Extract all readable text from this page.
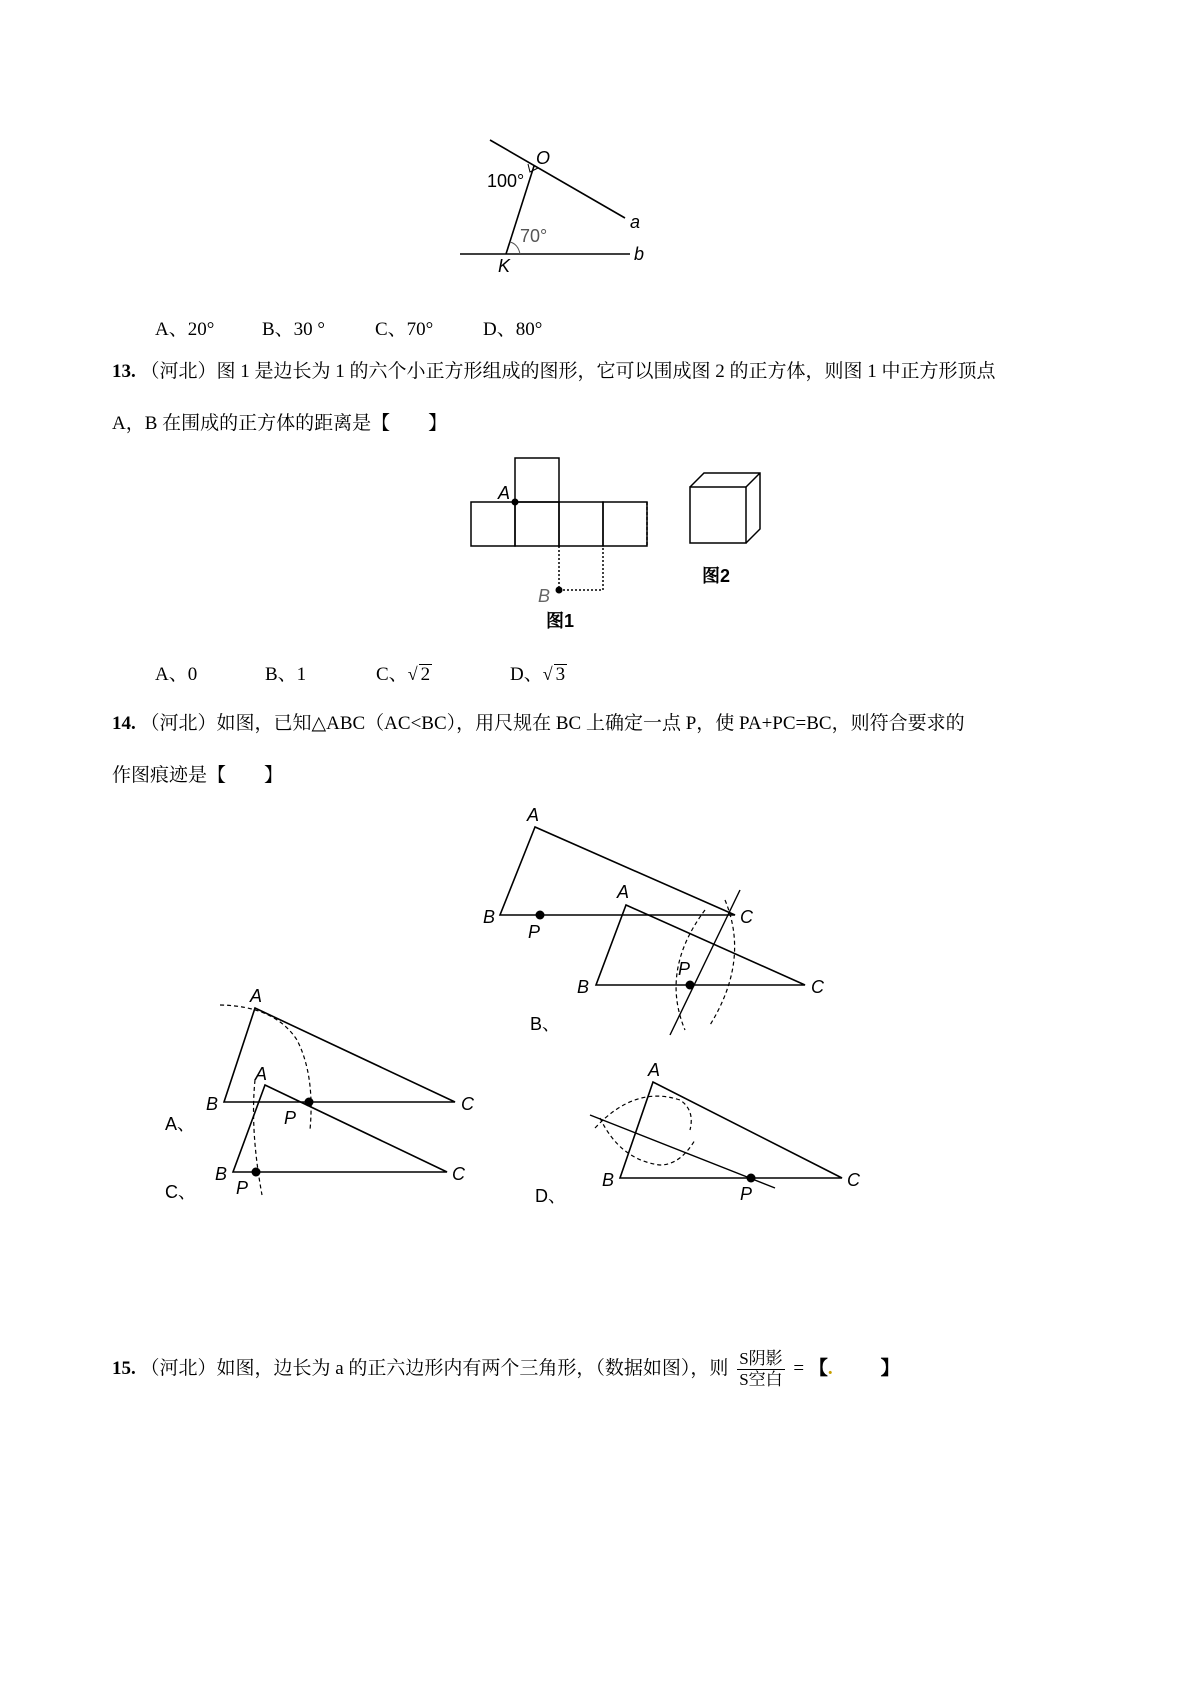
O
100°
70°
a
b
K
A、20°	B、30 °	C、70°	D、80°
13. （河北）图 1 是边长为 1 的六个小正方形组成的图形，它可以围成图 2 的正方体，则图 1 中正方形顶点
A，B 在围成的正方体的距离是【　　】
A
B
图1
图2
A、0	B、1	C、√ 2	D、√ 3
14. （河北）如图，已知△ABC（AC<BC），用尺规在 BC 上确定一点 P，使 PA+PC=BC，则符合要求的
作图痕迹是【　　】
A
B	C
P
A
B	C
P
A、
A
B	C
P
B、
A
B	C
P
C、
A
B	C
P
D、
15. （河北）如图，边长为 a 的正六边形内有两个三角形，（数据如图），则 $\frac{\text{S阴影}}{\text{S空白}}$ = 【.	】
